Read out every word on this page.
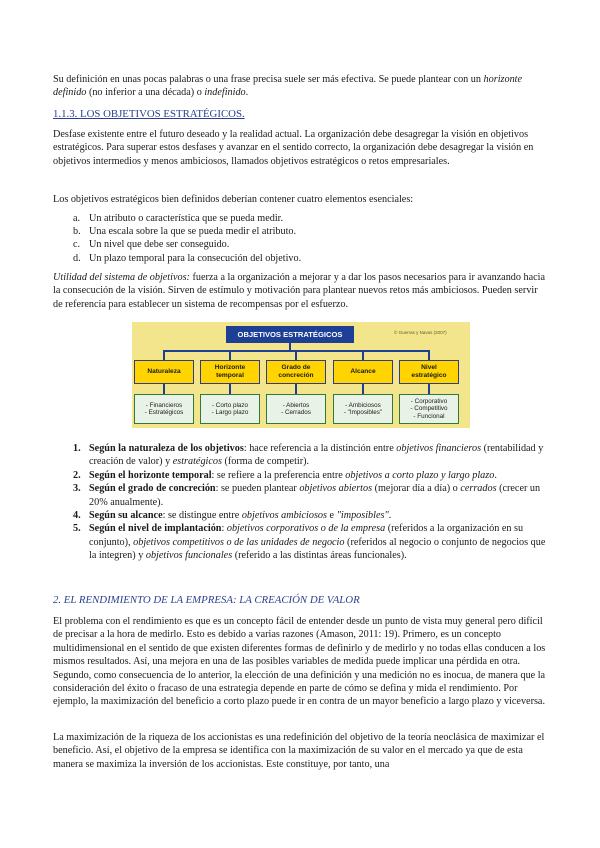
Su definición en unas pocas palabras o una frase precisa suele ser más efectiva. Se puede plantear con un horizonte definido (no inferior a una década) o indefinido.

1.1.3. LOS OBJETIVOS ESTRATÉGICOS.

Desfase existente entre el futuro deseado y la realidad actual. La organización debe desagregar la visión en objetivos estratégicos. Para superar estos desfases y avanzar en el sentido correcto, la organización debe desagregar la visión en objetivos intermedios y menos ambiciosos, llamados objetivos estratégicos o retos empresariales.

Los objetivos estratégicos bien definidos deberían contener cuatro elementos esenciales:

a. Un atributo o característica que se pueda medir.
b. Una escala sobre la que se pueda medir el atributo.
c. Un nivel que debe ser conseguido.
d. Un plazo temporal para la consecución del objetivo.

Utilidad del sistema de objetivos: fuerza a la organización a mejorar y a dar los pasos necesarios para ir avanzando hacia la consecución de la visión. Sirven de estímulo y motivación para plantear nuevos retos más ambiciosos. Pueden servir de referencia para establecer un sistema de recompensas por el esfuerzo.

OBJETIVOS ESTRATÉGICOS	© Guerras y Navas (2007)
Naturaleza
Horizonte
temporal
Grado de
concreción
Alcance
Nivel
estratégico
- Financieros
- Estratégicos
- Corto plazo
- Largo plazo
- Abiertos
- Cerrados
- Ambiciosos
- "Imposibles"
- Corporativo
- Competitivo
- Funcional
1. Según la naturaleza de los objetivos: hace referencia a la distinción entre objetivos financieros (rentabilidad y creación de valor) y estratégicos (forma de competir).
2. Según el horizonte temporal: se refiere a la preferencia entre objetivos a corto plazo y largo plazo.
3. Según el grado de concreción: se pueden plantear objetivos abiertos (mejorar día a día) o cerrados (crecer un 20% anualmente).
4. Según su alcance: se distingue entre objetivos ambiciosos e "imposibles".
5. Según el nivel de implantación: objetivos corporativos o de la empresa (referidos a la organización en su conjunto), objetivos competitivos o de las unidades de negocio (referidos al negocio o conjunto de negocios que la integren) y objetivos funcionales (referido a las distintas áreas funcionales).

2. EL RENDIMIENTO DE LA EMPRESA: LA CREACIÓN DE VALOR

El problema con el rendimiento es que es un concepto fácil de entender desde un punto de vista muy general pero difícil de precisar a la hora de medirlo. Esto es debido a varias razones (Amason, 2011: 19). Primero, es un concepto multidimensional en el sentido de que existen diferentes formas de definirlo y de medirlo y no todas ellas conducen a los mismos resultados. Así, una mejora en una de las posibles variables de medida puede implicar una pérdida en otra. Segundo, como consecuencia de lo anterior, la elección de una definición y una medición no es inocua, de manera que la consideración del éxito o fracaso de una estrategia depende en parte de cómo se defina y mida el rendimiento. Por ejemplo, la maximización del beneficio a corto plazo puede ir en contra de un mayor beneficio a largo plazo y viceversa.

La maximización de la riqueza de los accionistas es una redefinición del objetivo de la teoría neoclásica de maximizar el beneficio. Así, el objetivo de la empresa se identifica con la maximización de su valor en el mercado ya que de esta manera se maximiza la inversión de los accionistas. Este constituye, por tanto, una
